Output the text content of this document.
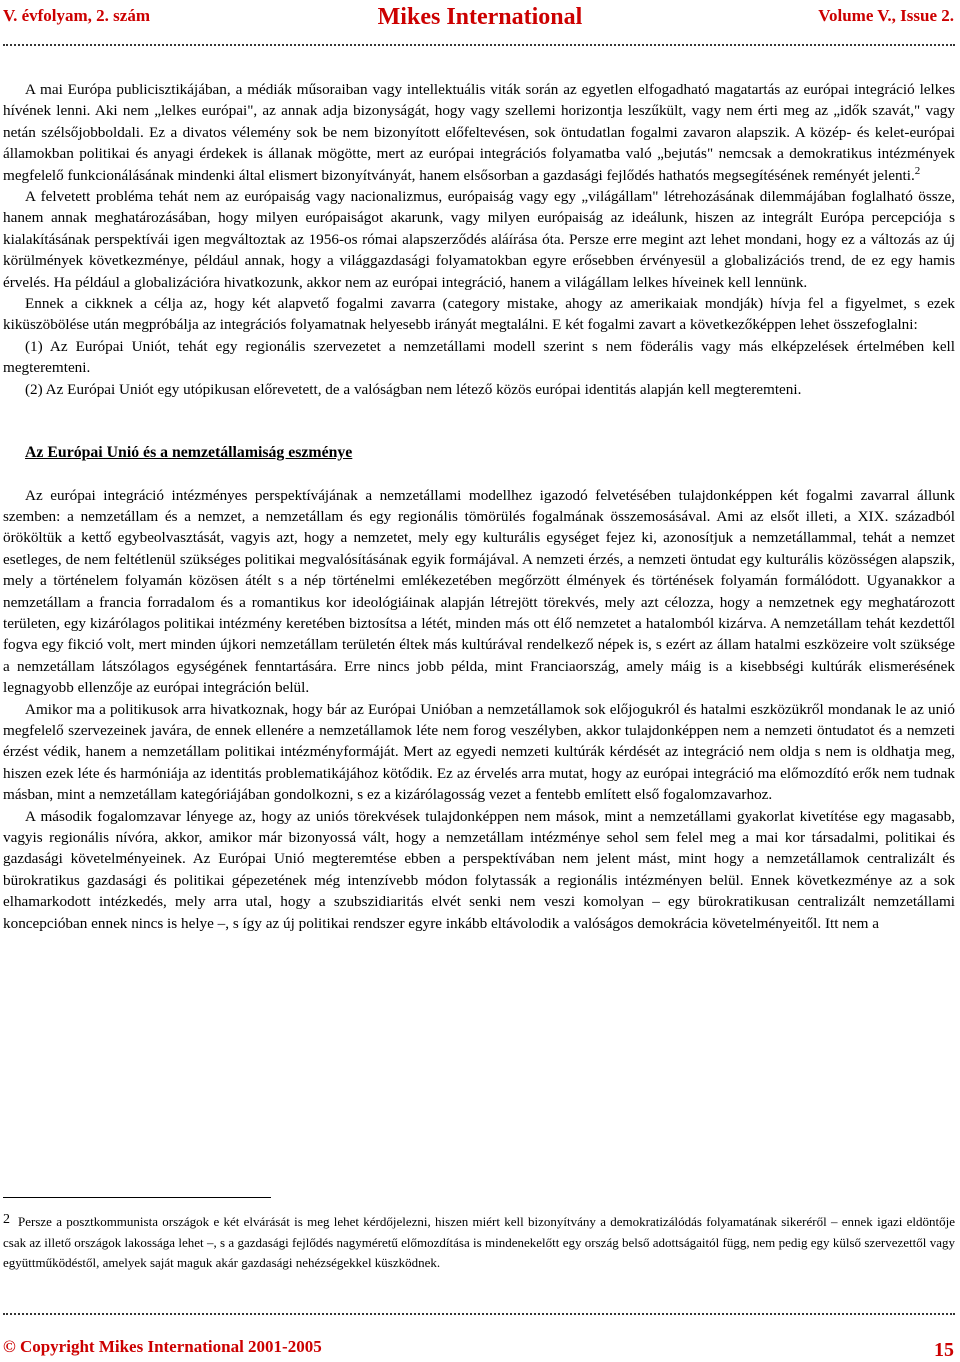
V. évfolyam, 2. szám	Mikes International	Volume V., Issue 2.

A mai Európa publicisztikájában, a médiák műsoraiban vagy intellektuális viták során az egyetlen elfogadható magatartás az európai integráció lelkes hívének lenni. Aki nem „lelkes európai", az annak adja bizonyságát, hogy vagy szellemi horizontja leszűkült, vagy nem érti meg az „idők szavát," vagy netán szélsőjobboldali. Ez a divatos vélemény sok be nem bizonyított előfeltevésen, sok öntudatlan fogalmi zavaron alapszik. A közép- és kelet-európai államokban politikai és anyagi érdekek is állanak mögötte, mert az európai integrációs folyamatba való „bejutás" nemcsak a demokratikus intézmények megfelelő funkcionálásának mindenki által elismert bizonyítványát, hanem elsősorban a gazdasági fejlődés hathatós megsegítésének reményét jelenti.$^2$

A felvetett probléma tehát nem az európaiság vagy nacionalizmus, európaiság vagy egy „világállam" létrehozásának dilemmájában foglalható össze, hanem annak meghatározásában, hogy milyen európaiságot akarunk, vagy milyen európaiság az ideálunk, hiszen az integrált Európa percepciója s kialakításának perspektívái igen megváltoztak az 1956-os római alapszerződés aláírása óta. Persze erre megint azt lehet mondani, hogy ez a változás az új körülmények következménye, például annak, hogy a világgazdasági folyamatokban egyre erősebben érvényesül a globalizációs trend, de ez egy hamis érvelés. Ha például a globalizációra hivatkozunk, akkor nem az európai integráció, hanem a világállam lelkes híveinek kell lennünk.

Ennek a cikknek a célja az, hogy két alapvető fogalmi zavarra (category mistake, ahogy az amerikaiak mondják) hívja fel a figyelmet, s ezek kiküszöbölése után megpróbálja az integrációs folyamatnak helyesebb irányát megtalálni. E két fogalmi zavart a következőképpen lehet összefoglalni:

(1) Az Európai Uniót, tehát egy regionális szervezetet a nemzetállami modell szerint s nem föderális vagy más elképzelések értelmében kell megteremteni.

(2) Az Európai Uniót egy utópikusan előrevetett, de a valóságban nem létező közös európai identitás alapján kell megteremteni.

Az Európai Unió és a nemzetállamiság eszménye

Az európai integráció intézményes perspektívájának a nemzetállami modellhez igazodó felvetésében tulajdonképpen két fogalmi zavarral állunk szemben: a nemzetállam és a nemzet, a nemzetállam és egy regionális tömörülés fogalmának összemosásával. Ami az elsőt illeti, a XIX. századból örököltük a kettő egybeolvasztását, vagyis azt, hogy a nemzetet, mely egy kulturális egységet fejez ki, azonosítjuk a nemzetállammal, tehát a nemzet esetleges, de nem feltétlenül szükséges politikai megvalósításának egyik formájával. A nemzeti érzés, a nemzeti öntudat egy kulturális közösségen alapszik, mely a történelem folyamán közösen átélt s a nép történelmi emlékezetében megőrzött élmények és történések folyamán formálódott. Ugyanakkor a nemzetállam a francia forradalom és a romantikus kor ideológiáinak alapján létrejött törekvés, mely azt célozza, hogy a nemzetnek egy meghatározott területen, egy kizárólagos politikai intézmény keretében biztosítsa a létét, minden más ott élő nemzetet a hatalomból kizárva. A nemzetállam tehát kezdettől fogva egy fikció volt, mert minden újkori nemzetállam területén éltek más kultúrával rendelkező népek is, s ezért az állam hatalmi eszközeire volt szüksége a nemzetállam látszólagos egységének fenntartására. Erre nincs jobb példa, mint Franciaország, amely máig is a kisebbségi kultúrák elismerésének legnagyobb ellenzője az európai integráción belül.

Amikor ma a politikusok arra hivatkoznak, hogy bár az Európai Unióban a nemzetállamok sok előjogukról és hatalmi eszközükről mondanak le az unió megfelelő szervezeinek javára, de ennek ellenére a nemzetállamok léte nem forog veszélyben, akkor tulajdonképpen nem a nemzeti öntudatot és a nemzeti érzést védik, hanem a nemzetállam politikai intézményformáját. Mert az egyedi nemzeti kultúrák kérdését az integráció nem oldja s nem is oldhatja meg, hiszen ezek léte és harmóniája az identitás problematikájához kötődik. Ez az érvelés arra mutat, hogy az európai integráció ma előmozdító erők nem tudnak másban, mint a nemzetállam kategóriájában gondolkozni, s ez a kizárólagosság vezet a fentebb említett első fogalomzavarhoz.

A második fogalomzavar lényege az, hogy az uniós törekvések tulajdonképpen nem mások, mint a nemzetállami gyakorlat kivetítése egy magasabb, vagyis regionális nívóra, akkor, amikor már bizonyossá vált, hogy a nemzetállam intézménye sehol sem felel meg a mai kor társadalmi, politikai és gazdasági követelményeinek. Az Európai Unió megteremtése ebben a perspektívában nem jelent mást, mint hogy a nemzetállamok centralizált és bürokratikus gazdasági és politikai gépezetének még intenzívebb módon folytassák a regionális intézményen belül. Ennek következménye az a sok elhamarkodott intézkedés, mely arra utal, hogy a szubszidiaritás elvét senki nem veszi komolyan – egy bürokratikusan centralizált nemzetállami koncepcióban ennek nincs is helye –, s így az új politikai rendszer egyre inkább eltávolodik a valóságos demokrácia követelményeitől. Itt nem a

2 Persze a posztkommunista országok e két elvárását is meg lehet kérdőjelezni, hiszen miért kell bizonyítvány a demokratizálódás folyamatának sikeréről – ennek igazi eldöntője csak az illető országok lakossága lehet –, s a gazdasági fejlődés nagyméretű előmozdítása is mindenekelőtt egy ország belső adottságaitól függ, nem pedig egy külső szervezettől vagy együttműködéstől, amelyek saját maguk akár gazdasági nehézségekkel küszködnek.
© Copyright Mikes International 2001-2005	15
